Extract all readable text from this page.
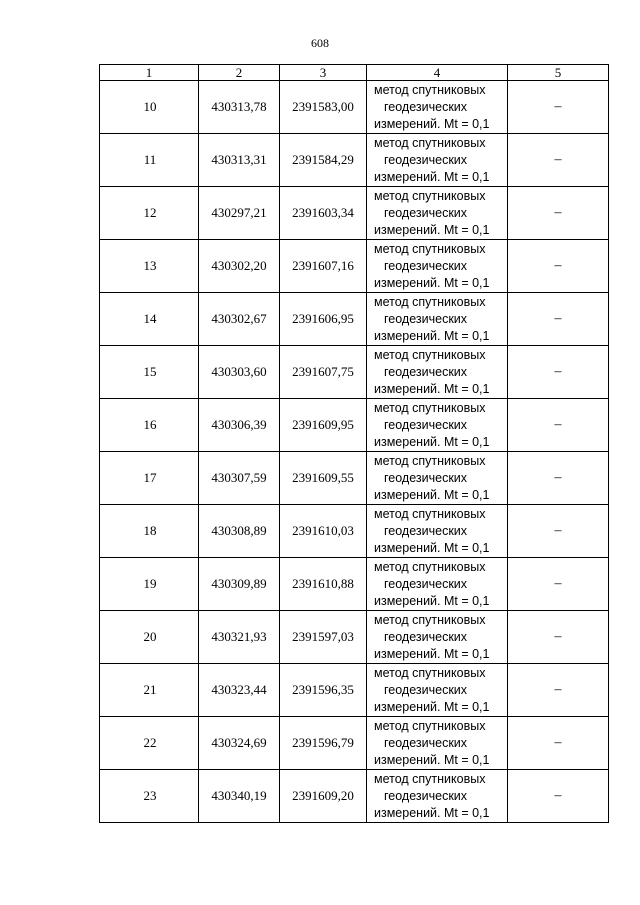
608
1	2	3	4	5
10	430313,78	2391583,00	метод спутниковых
геодезических
измерений. Mt = 0,1	–
11	430313,31	2391584,29	метод спутниковых
геодезических
измерений. Mt = 0,1	–
12	430297,21	2391603,34	метод спутниковых
геодезических
измерений. Mt = 0,1	–
13	430302,20	2391607,16	метод спутниковых
геодезических
измерений. Mt = 0,1	–
14	430302,67	2391606,95	метод спутниковых
геодезических
измерений. Mt = 0,1	–
15	430303,60	2391607,75	метод спутниковых
геодезических
измерений. Mt = 0,1	–
16	430306,39	2391609,95	метод спутниковых
геодезических
измерений. Mt = 0,1	–
17	430307,59	2391609,55	метод спутниковых
геодезических
измерений. Mt = 0,1	–
18	430308,89	2391610,03	метод спутниковых
геодезических
измерений. Mt = 0,1	–
19	430309,89	2391610,88	метод спутниковых
геодезических
измерений. Mt = 0,1	–
20	430321,93	2391597,03	метод спутниковых
геодезических
измерений. Mt = 0,1	–
21	430323,44	2391596,35	метод спутниковых
геодезических
измерений. Mt = 0,1	–
22	430324,69	2391596,79	метод спутниковых
геодезических
измерений. Mt = 0,1	–
23	430340,19	2391609,20	метод спутниковых
геодезических
измерений. Mt = 0,1	–
